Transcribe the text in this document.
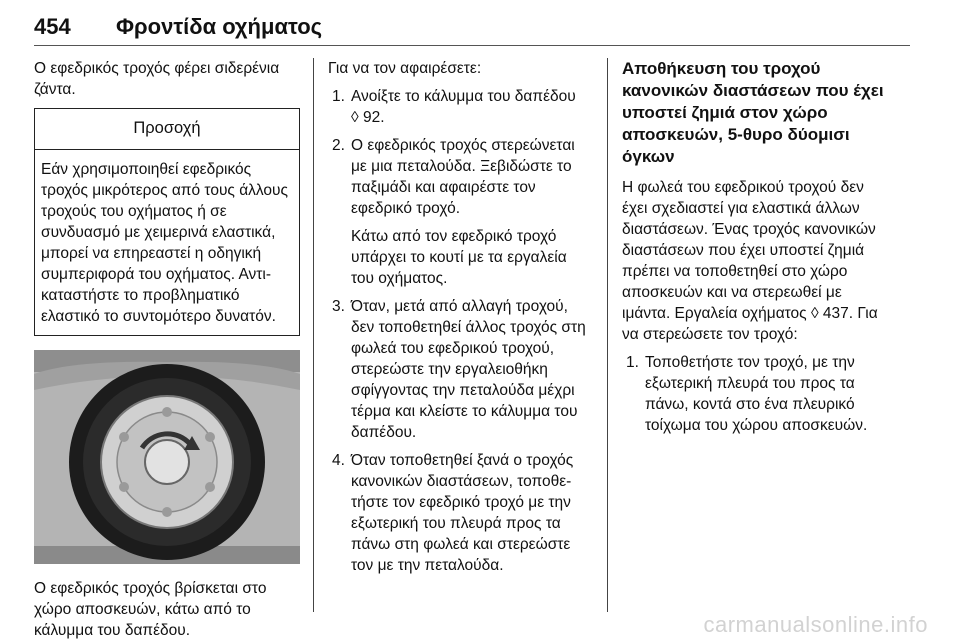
454 Φροντίδα οχήματος
Ο εφεδρικός τροχός φέρει σιδερένια ζάντα.
Προσοχή
Εάν χρησιμοποιηθεί εφεδρικός τροχός μικρότερος από τους άλλους τροχούς του οχήματος ή σε συνδυασμό με χειμερινά ελαστικά, μπορεί να επηρεαστεί η οδηγική συμπεριφορά του οχήματος. Αντικαταστήστε το προβληματικό ελαστικό το συντομότερο δυνατόν.
Ο εφεδρικός τροχός βρίσκεται στο χώρο αποσκευών, κάτω από το κάλυμμα του δαπέδου.
Για να τον αφαιρέσετε:
1. Ανοίξτε το κάλυμμα του δαπέδου
◊ 92.
2. Ο εφεδρικός τροχός στερεώνεται με μια πεταλούδα. Ξεβιδώστε το παξιμάδι και αφαιρέστε τον εφεδρικό τροχό.
Κάτω από τον εφεδρικό τροχό υπάρχει το κουτί με τα εργαλεία του οχήματος.
3. Όταν, μετά από αλλαγή τροχού, δεν τοποθετηθεί άλλος τροχός στη φωλεά του εφεδρικού τροχού, στερεώστε την εργαλειοθήκη σφίγγοντας την πεταλούδα μέχρι τέρμα και κλείστε το κάλυμμα του δαπέδου.
4. Όταν τοποθετηθεί ξανά ο τροχός κανονικών διαστάσεων, τοποθετήστε τον εφεδρικό τροχό με την εξωτερική του πλευρά προς τα πάνω στη φωλεά και στερεώστε τον με την πεταλούδα.
Αποθήκευση του τροχού κανονικών διαστάσεων που έχει υποστεί ζημιά στον χώρο αποσκευών, 5-θυρο δύομισι όγκων
Η φωλεά του εφεδρικού τροχού δεν έχει σχεδιαστεί για ελαστικά άλλων διαστάσεων. Ένας τροχός κανονικών διαστάσεων που έχει υποστεί ζημιά πρέπει να τοποθετηθεί στο χώρο αποσκευών και να στερεωθεί με ιμάντα. Εργαλεία οχήματος ◊ 437. Για να στερεώσετε τον τροχό:
1. Τοποθετήστε τον τροχό, με την εξωτερική πλευρά του προς τα πάνω, κοντά στο ένα πλευρικό τοίχωμα του χώρου αποσκευών.
carmanualsonline.info
